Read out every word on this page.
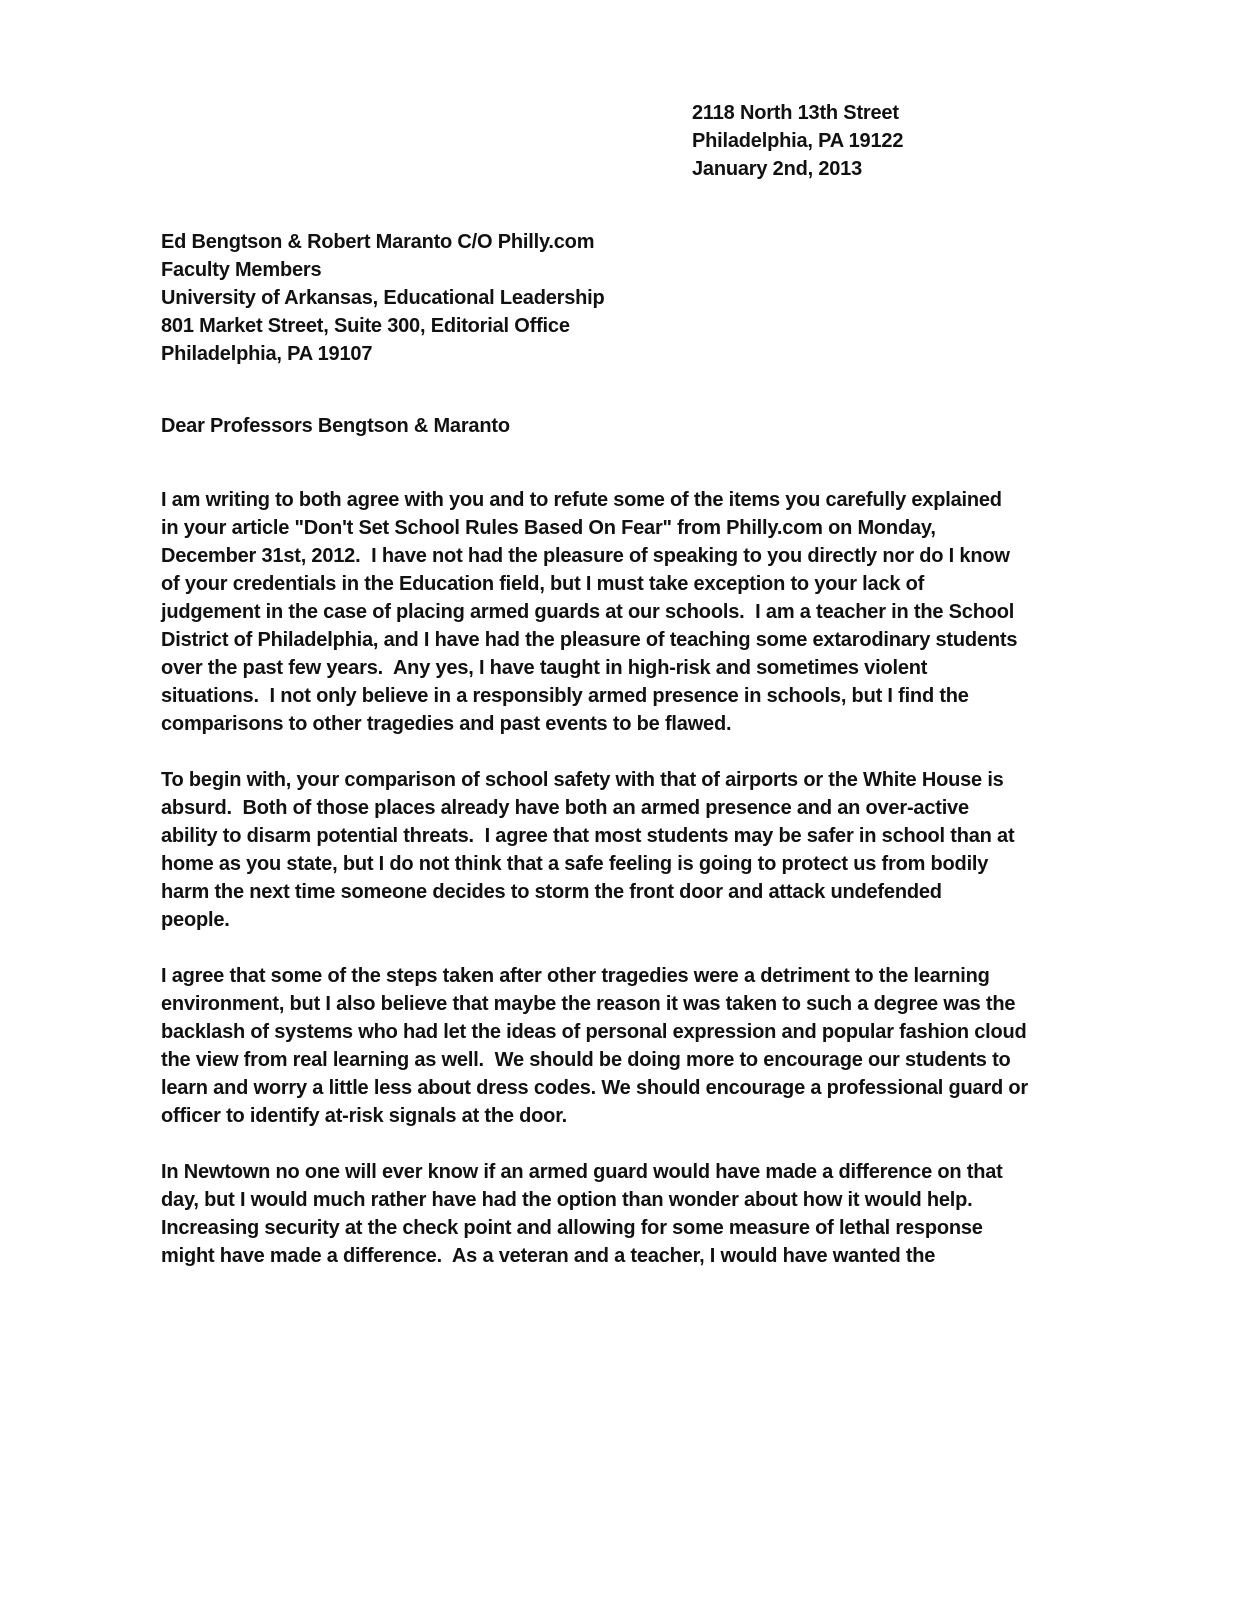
2118 North 13th Street
Philadelphia, PA 19122
January 2nd, 2013
Ed Bengtson & Robert Maranto C/O Philly.com
Faculty Members
University of Arkansas, Educational Leadership
801 Market Street, Suite 300, Editorial Office
Philadelphia, PA 19107
Dear Professors Bengtson & Maranto
I am writing to both agree with you and to refute some of the items you carefully explained
in your article "Don't Set School Rules Based On Fear" from Philly.com on Monday,
December 31st, 2012.  I have not had the pleasure of speaking to you directly nor do I know
of your credentials in the Education field, but I must take exception to your lack of
judgement in the case of placing armed guards at our schools.  I am a teacher in the School
District of Philadelphia, and I have had the pleasure of teaching some extarodinary students
over the past few years.  Any yes, I have taught in high-risk and sometimes violent
situations.  I not only believe in a responsibly armed presence in schools, but I find the
comparisons to other tragedies and past events to be flawed.
To begin with, your comparison of school safety with that of airports or the White House is
absurd.  Both of those places already have both an armed presence and an over-active
ability to disarm potential threats.  I agree that most students may be safer in school than at
home as you state, but I do not think that a safe feeling is going to protect us from bodily
harm the next time someone decides to storm the front door and attack undefended
people.
I agree that some of the steps taken after other tragedies were a detriment to the learning
environment, but I also believe that maybe the reason it was taken to such a degree was the
backlash of systems who had let the ideas of personal expression and popular fashion cloud
the view from real learning as well.  We should be doing more to encourage our students to
learn and worry a little less about dress codes. We should encourage a professional guard or
officer to identify at-risk signals at the door.
In Newtown no one will ever know if an armed guard would have made a difference on that
day, but I would much rather have had the option than wonder about how it would help.
Increasing security at the check point and allowing for some measure of lethal response
might have made a difference.  As a veteran and a teacher, I would have wanted the
